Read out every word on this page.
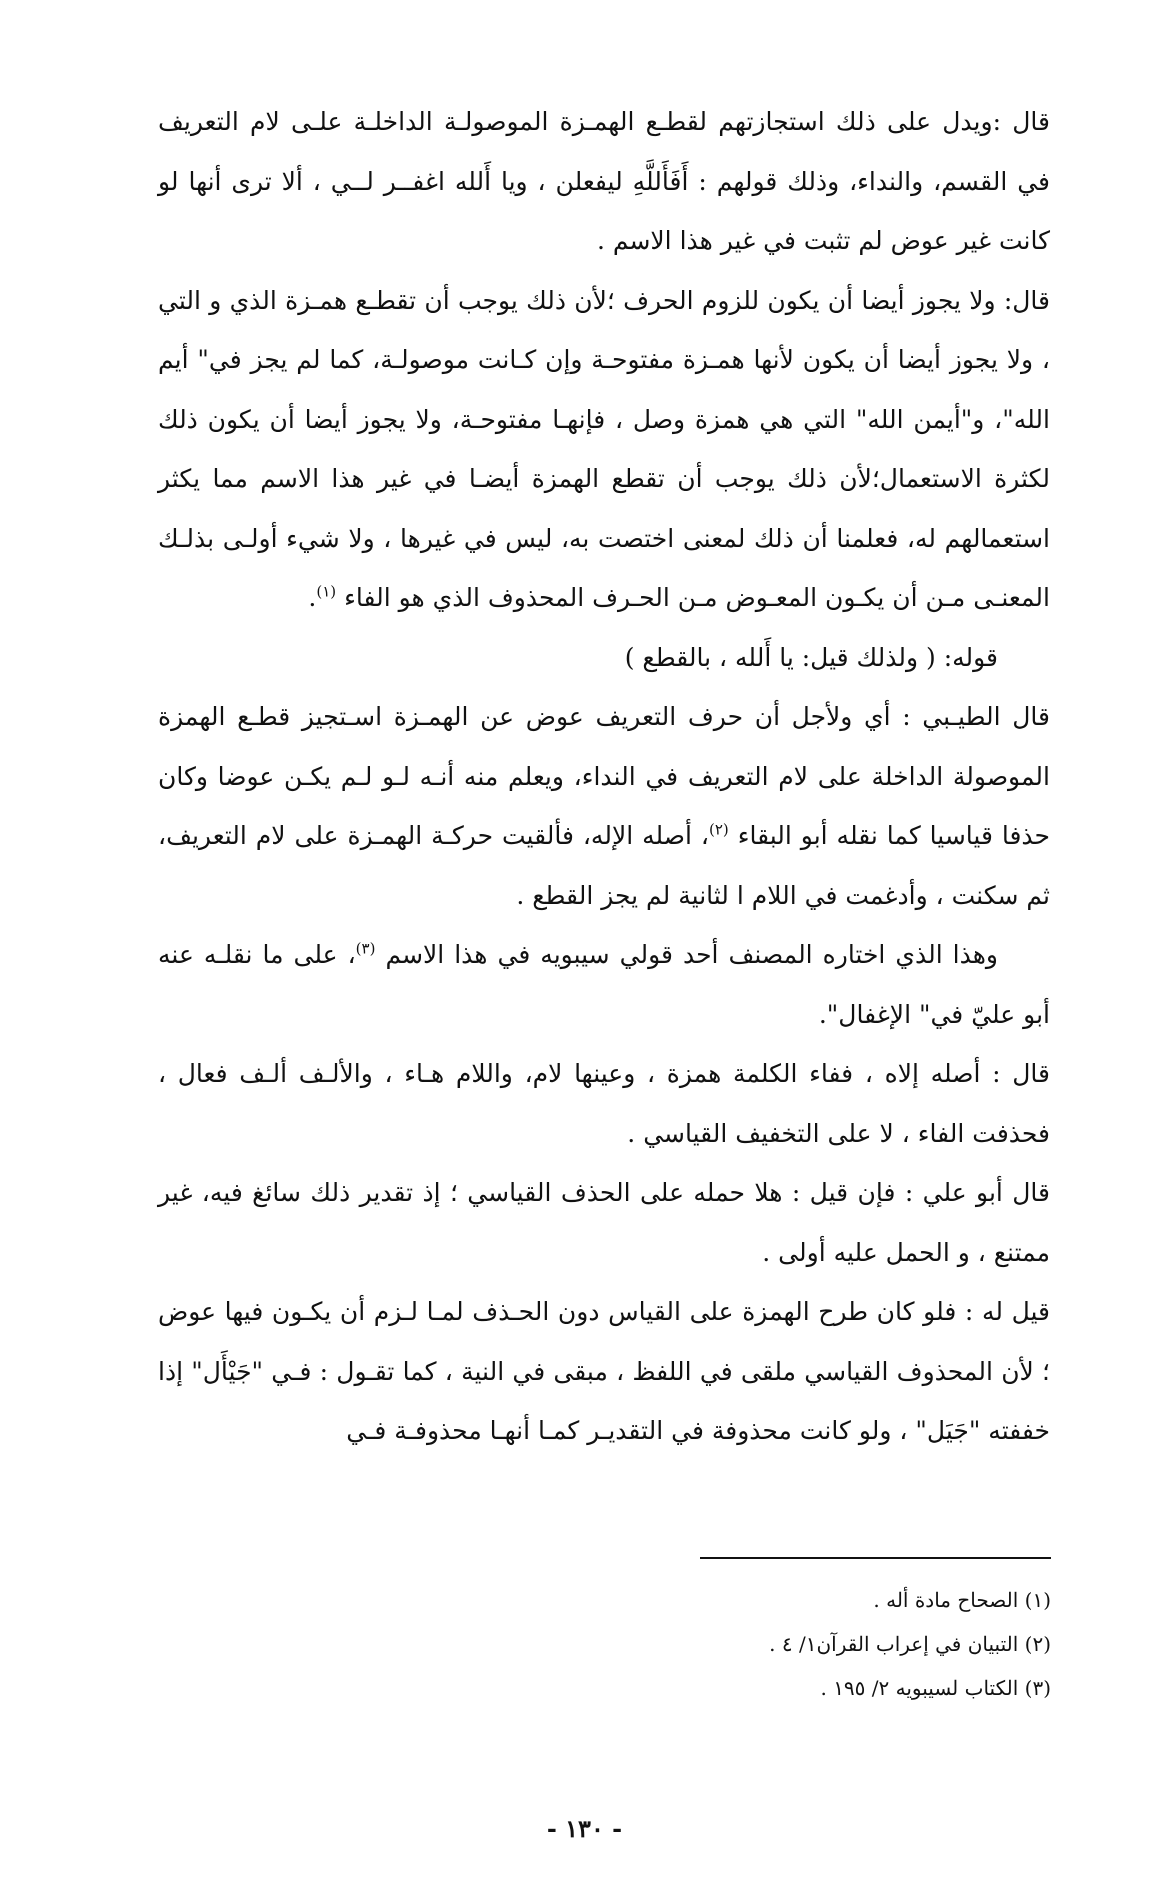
قال :ويدل على ذلك استجازتهم لقطـع الهمـزة الموصولـة الداخلـة علـى لام التعريف في القسم، والنداء، وذلك قولهم : أَفَأَللَّهِ ليفعلن ، ويا أَلله اغفــر لــي ، ألا ترى أنها لو كانت غير عوض لم تثبت في غير هذا الاسم .

قال: ولا يجوز أيضا أن يكون للزوم الحرف ؛لأن ذلك يوجب أن تقطـع همـزة الذي و التي ، ولا يجوز أيضا أن يكون لأنها همـزة مفتوحـة وإن كـانت موصولـة، كما لم يجز في" أيم الله"، و"أيمن الله" التي هي همزة وصل ، فإنهـا مفتوحـة، ولا يجوز أيضا أن يكون ذلك لكثرة الاستعمال؛لأن ذلك يوجب أن تقطع الهمزة أيضـا في غير هذا الاسم مما يكثر استعمالهم له، فعلمنا أن ذلك لمعنى اختصت به، ليس في غيرها ، ولا شيء أولـى بذلـك المعنـى مـن أن يكـون المعـوض مـن الحـرف المحذوف الذي هو الفاء $^{(١)}$.

قوله: ( ولذلك قيل: يا أَلله ، بالقطع )

قال الطيـبي : أي ولأجل أن حرف التعريف عوض عن الهمـزة اسـتجيز قطـع الهمزة الموصولة الداخلة على لام التعريف في النداء، ويعلم منه أنـه لـو لـم يكـن عوضا وكان حذفا قياسيا كما نقله أبو البقاء $^{(٢)}$، أصله الإله، فألقيت حركـة الهمـزة على لام التعريف، ثم سكنت ، وأدغمت في اللام ا لثانية لم يجز القطع .

وهذا الذي اختاره المصنف أحد قولي سيبويه في هذا الاسم $^{(٣)}$، على ما نقلـه عنه أبو عليّ في" الإغفال".

قال : أصله إلاه ، ففاء الكلمة همزة ، وعينها لام، واللام هـاء ، والألـف ألـف فعال ، فحذفت الفاء ، لا على التخفيف القياسي .

قال أبو علي : فإن قيل : هلا حمله على الحذف القياسي ؛ إذ تقدير ذلك سائغ فيه، غير ممتنع ، و الحمل عليه أولى .

قيل له : فلو كان طرح الهمزة على القياس دون الحـذف لمـا لـزم أن يكـون فيها عوض ؛ لأن المحذوف القياسي ملقى في اللفظ ، مبقى في النية ، كما تقـول : فـي "جَيْأَل" إذا خففته "جَيَل" ، ولو كانت محذوفة في التقديـر كمـا أنهـا محذوفـة فـي

(١) الصحاح مادة أله .

(٢) التبيان في إعراب القرآن١/ ٤ .

(٣) الكتاب لسيبويه ٢/ ١٩٥ .

- ١٣٠ -
